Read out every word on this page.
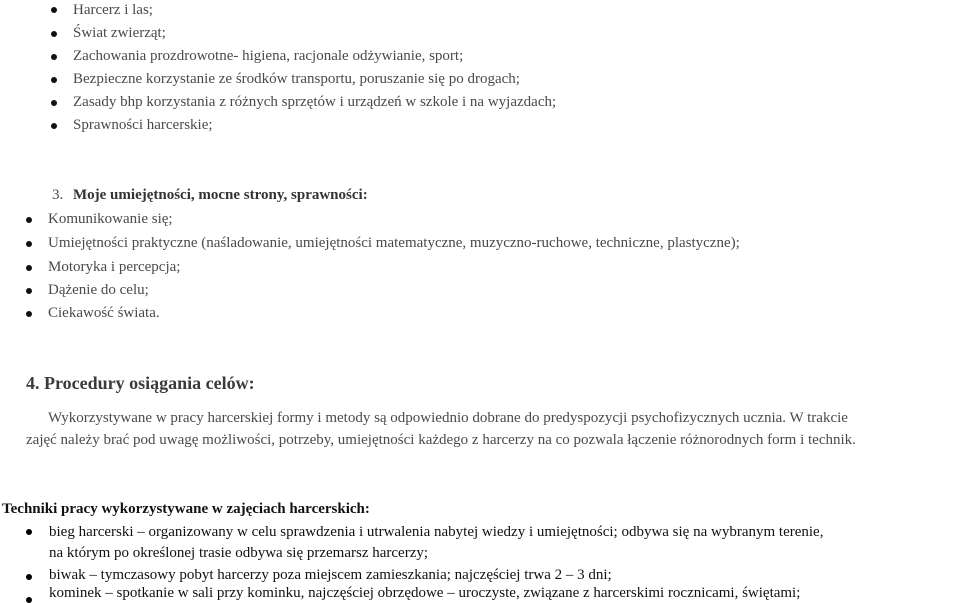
Harcerz i las;
Świat zwierząt;
Zachowania prozdrowotne- higiena, racjonale odżywianie, sport;
Bezpieczne korzystanie ze środków transportu, poruszanie się po drogach;
Zasady bhp korzystania z różnych sprzętów i urządzeń w szkole i na wyjazdach;
Sprawności harcerskie;
3. Moje umiejętności, mocne strony, sprawności:
Komunikowanie się;
Umiejętności praktyczne (naśladowanie, umiejętności matematyczne, muzyczno-ruchowe, techniczne, plastyczne);
Motoryka i percepcja;
Dążenie do celu;
Ciekawość świata.
4. Procedury osiągania celów:
Wykorzystywane w pracy harcerskiej formy i metody są odpowiednio dobrane do predyspozycji psychofizycznych ucznia. W trakcie
zajęć należy brać pod uwagę możliwości, potrzeby, umiejętności każdego z harcerzy na co pozwala łączenie różnorodnych form i technik.
Techniki pracy wykorzystywane w zajęciach harcerskich:
bieg harcerski – organizowany w celu sprawdzenia i utrwalenia nabytej wiedzy i umiejętności; odbywa się na wybranym terenie,
na którym po określonej trasie odbywa się przemarsz harcerzy;
biwak – tymczasowy pobyt harcerzy poza miejscem zamieszkania; najczęściej trwa 2 – 3 dni;
kominek – spotkanie w sali przy kominku, najczęściej obrzędowe – uroczyste, związane z harcerskimi rocznicami, świętami;
